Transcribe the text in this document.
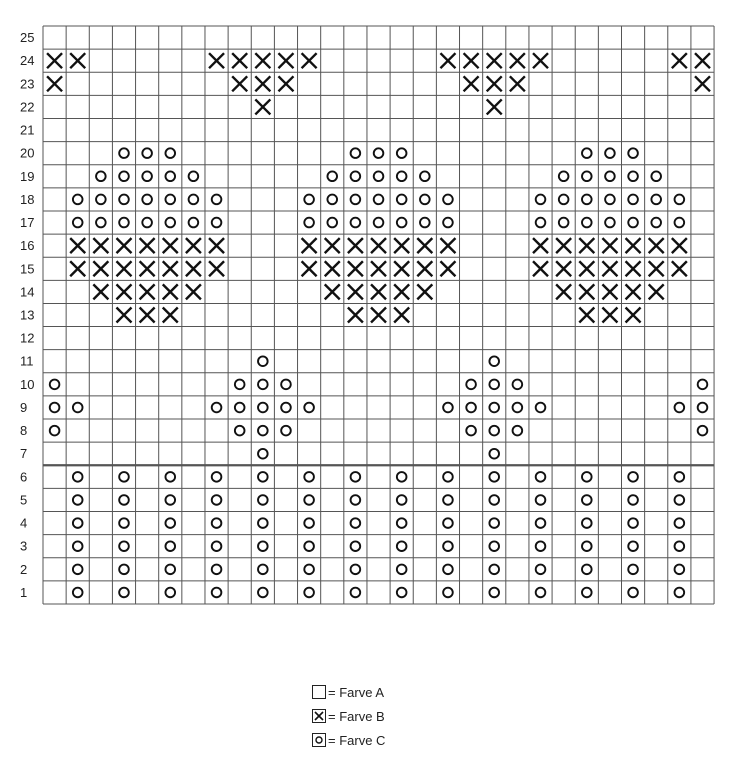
1
2
3
4
5
6
7
8
9
10
11
12
13
14
15
16
17
18
19
20
21
22
23
24
25
= Farve A
= Farve B
= Farve C
